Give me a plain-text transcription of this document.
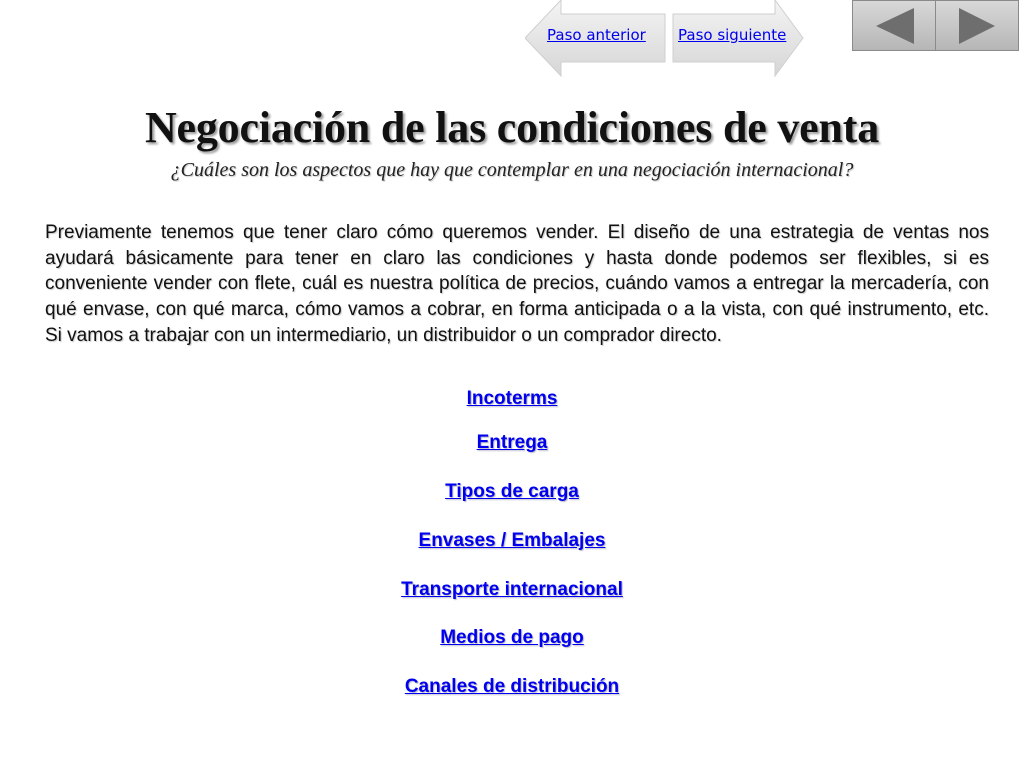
Paso anterior Paso siguiente
Negociación de las condiciones de venta

¿Cuáles son los aspectos que hay que contemplar en una negociación internacional?

Previamente tenemos que tener claro cómo queremos vender. El diseño de una estrategia de ventas nos ayudará básicamente para tener en claro las condiciones y hasta donde podemos ser flexibles, si es conveniente vender con flete, cuál es nuestra política de precios, cuándo vamos a entregar la mercadería, con qué envase, con qué marca, cómo vamos a cobrar, en forma anticipada o a la vista, con qué instrumento, etc. Si vamos a trabajar con un intermediario, un distribuidor o un comprador directo.

Incoterms
Entrega
Tipos de carga
Envases / Embalajes
Transporte internacional
Medios de pago
Canales de distribución
